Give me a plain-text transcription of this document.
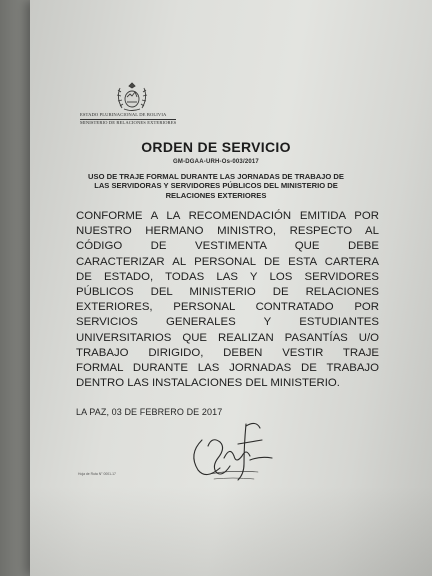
ESTADO PLURINACIONAL DE BOLIVIA
MINISTERIO DE RELACIONES EXTERIORES
ORDEN DE SERVICIO
GM-DGAA-URH-Os-003/2017
USO DE TRAJE FORMAL DURANTE LAS JORNADAS DE TRABAJO DE
LAS SERVIDORAS Y SERVIDORES PÚBLICOS DEL MINISTERIO DE
RELACIONES EXTERIORES
CONFORME A LA RECOMENDACIÓN EMITIDA POR
NUESTRO HERMANO MINISTRO, RESPECTO AL
CÓDIGO DE VESTIMENTA QUE DEBE
CARACTERIZAR AL PERSONAL DE ESTA CARTERA
DE ESTADO, TODAS LAS Y LOS SERVIDORES
PÚBLICOS DEL MINISTERIO DE RELACIONES
EXTERIORES, PERSONAL CONTRATADO POR
SERVICIOS GENERALES Y ESTUDIANTES
UNIVERSITARIOS QUE REALIZAN PASANTÍAS U/O
TRABAJO DIRIGIDO, DEBEN VESTIR TRAJE
FORMAL DURANTE LAS JORNADAS DE TRABAJO
DENTRO LAS INSTALACIONES DEL MINISTERIO.
LA PAZ, 03 DE FEBRERO DE 2017
Hoja de Ruta N° 0001-17
